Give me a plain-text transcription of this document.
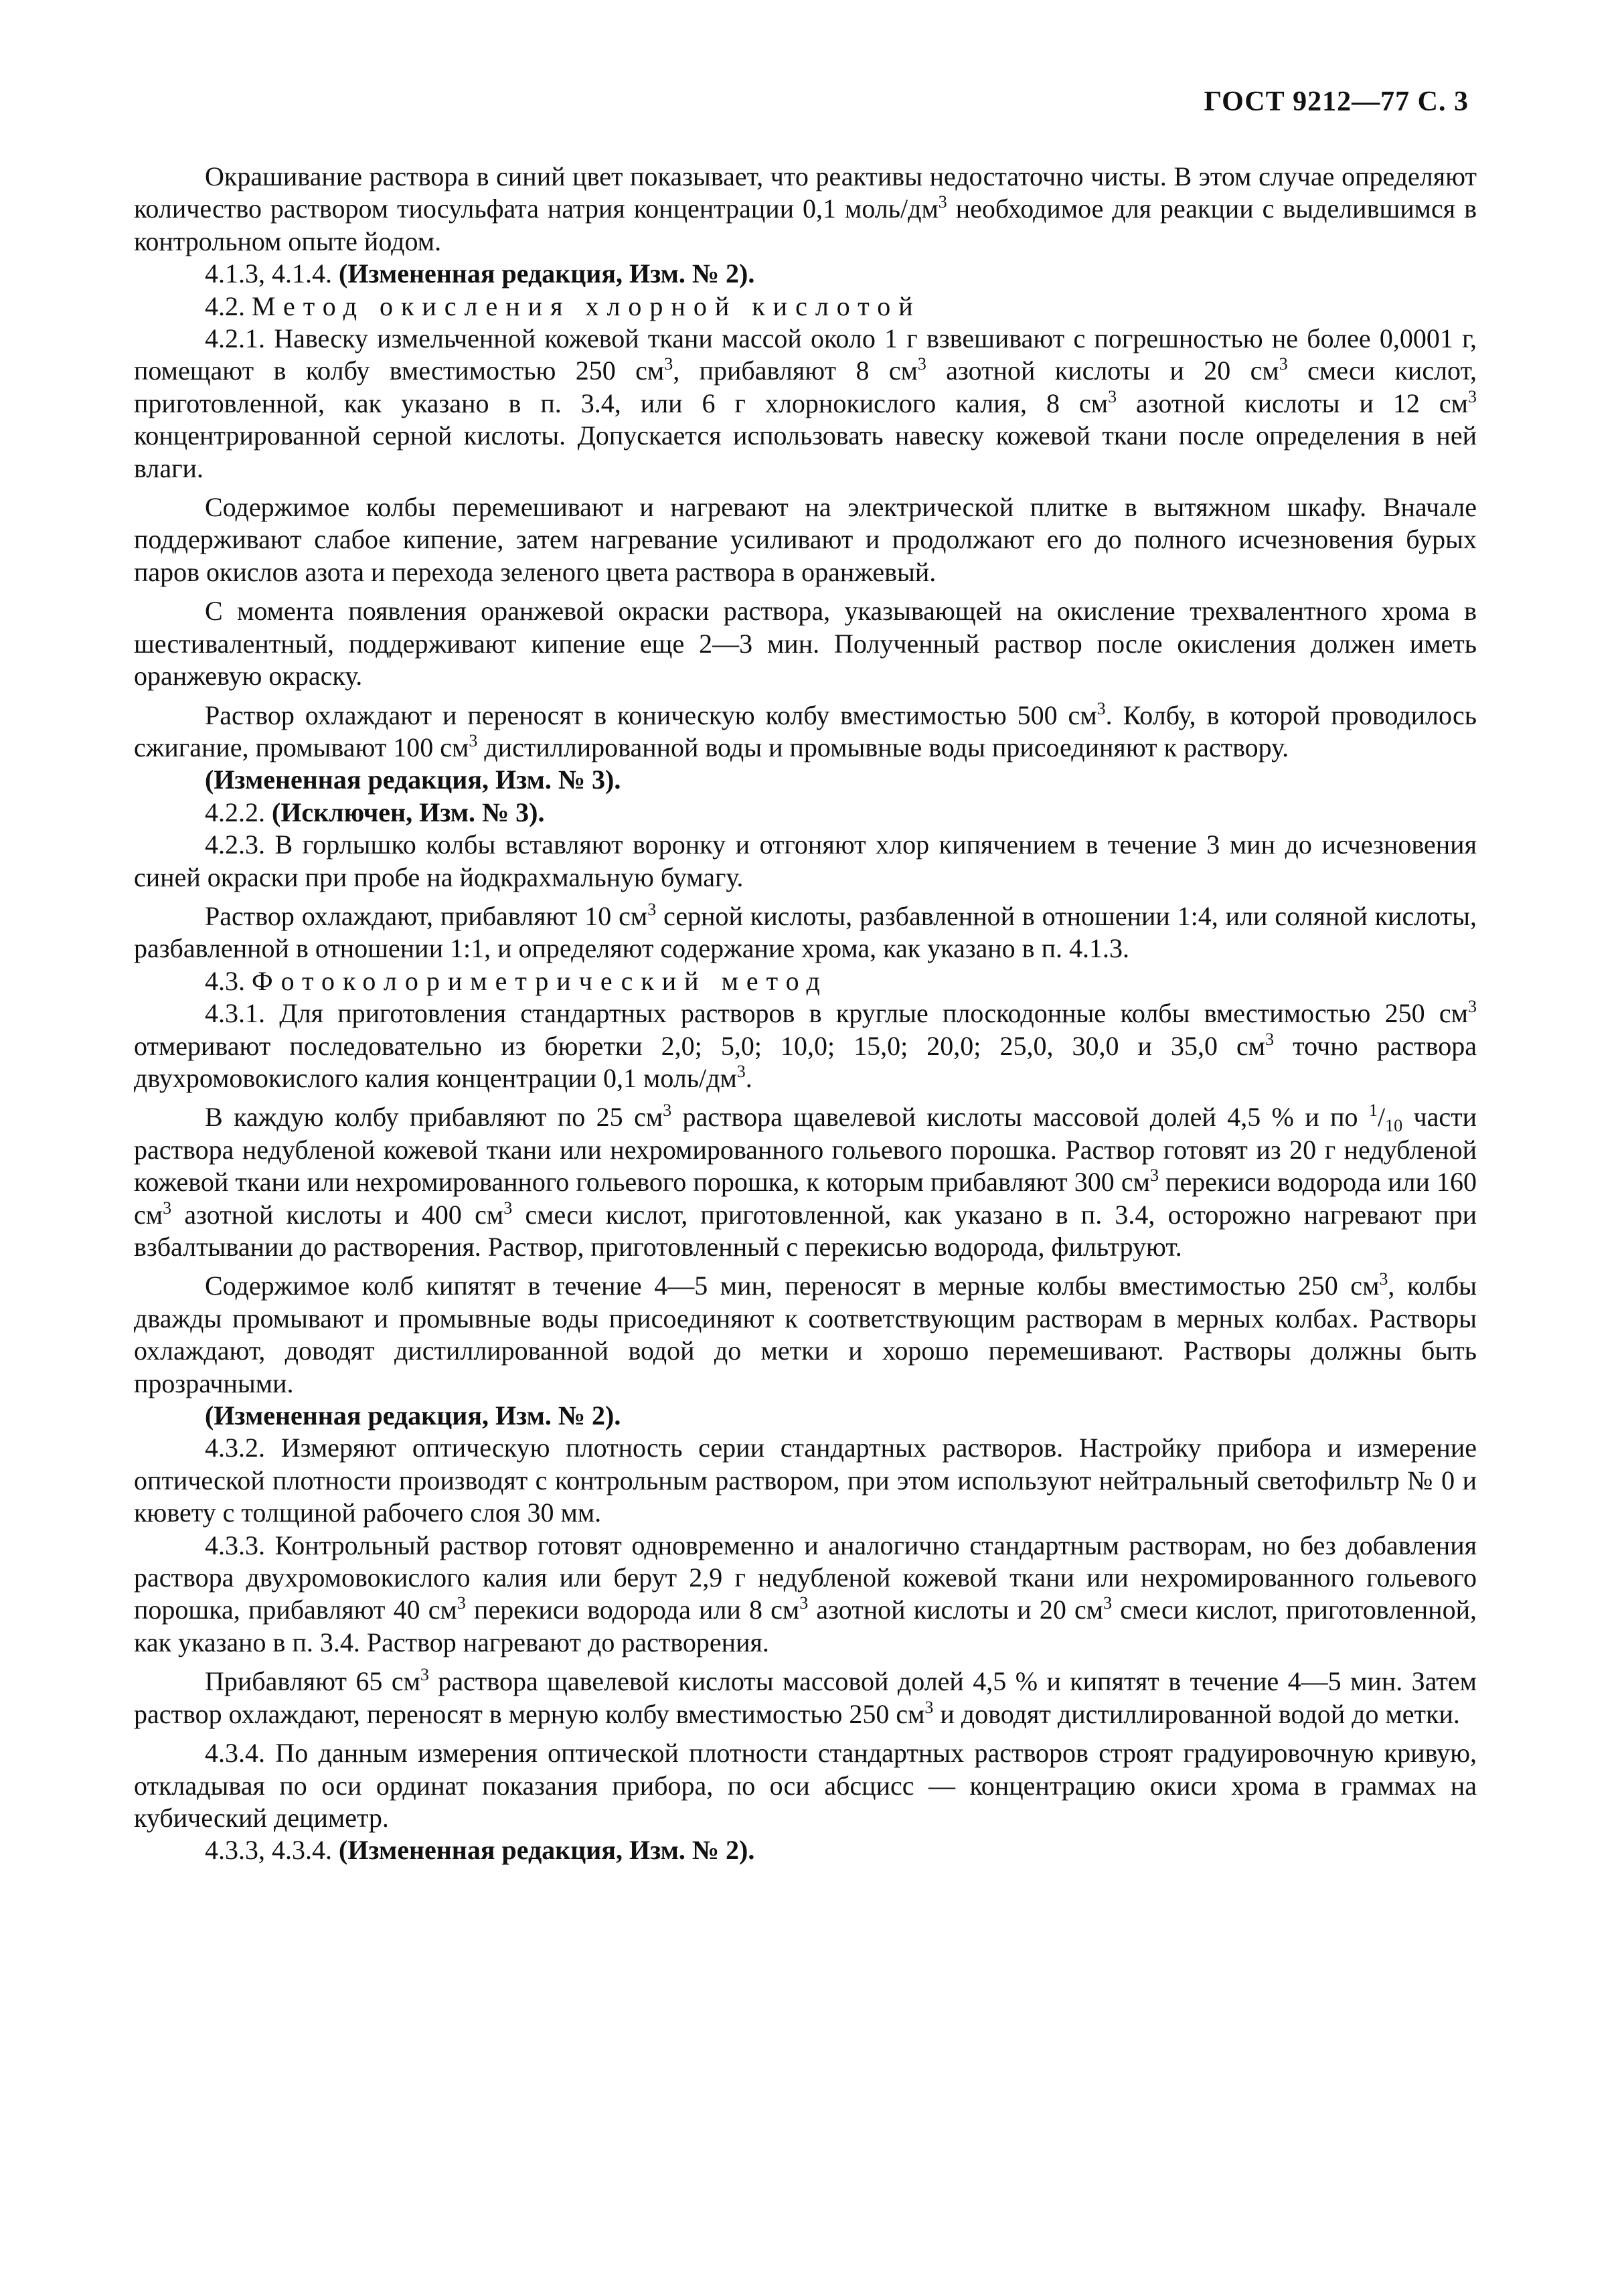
ГОСТ 9212—77 С. 3

Окрашивание раствора в синий цвет показывает, что реактивы недостаточно чисты. В этом случае определяют количество раствором тиосульфата натрия концентрации 0,1 моль/$дм^3$ необходимое для реакции с выделившимся в контрольном опыте йодом.

4.1.3, 4.1.4. (Измененная редакция, Изм. № 2).

4.2. Метод окисления хлорной кислотой

4.2.1. Навеску измельченной кожевой ткани массой около 1 г взвешивают с погрешностью не более 0,0001 г, помещают в колбу вместимостью 250 $см^3$, прибавляют 8 $см^3$ азотной кислоты и 20 $см^3$ смеси кислот, приготовленной, как указано в п. 3.4, или 6 г хлорнокислого калия, 8 $см^3$ азотной кислоты и 12 $см^3$ концентрированной серной кислоты. Допускается использовать навеску кожевой ткани после определения в ней влаги.

Содержимое колбы перемешивают и нагревают на электрической плитке в вытяжном шкафу. Вначале поддерживают слабое кипение, затем нагревание усиливают и продолжают его до полного исчезновения бурых паров окислов азота и перехода зеленого цвета раствора в оранжевый.

С момента появления оранжевой окраски раствора, указывающей на окисление трехвалентного хрома в шестивалентный, поддерживают кипение еще 2—3 мин. Полученный раствор после окисления должен иметь оранжевую окраску.

Раствор охлаждают и переносят в коническую колбу вместимостью 500 $см^3$. Колбу, в которой проводилось сжигание, промывают 100 $см^3$ дистиллированной воды и промывные воды присоединяют к раствору.

(Измененная редакция, Изм. № 3).

4.2.2. (Исключен, Изм. № 3).

4.2.3. В горлышко колбы вставляют воронку и отгоняют хлор кипячением в течение 3 мин до исчезновения синей окраски при пробе на йодкрахмальную бумагу.

Раствор охлаждают, прибавляют 10 $см^3$ серной кислоты, разбавленной в отношении 1:4, или соляной кислоты, разбавленной в отношении 1:1, и определяют содержание хрома, как указано в п. 4.1.3.

4.3. Фотоколориметрический метод

4.3.1. Для приготовления стандартных растворов в круглые плоскодонные колбы вместимостью 250 $см^3$ отмеривают последовательно из бюретки 2,0; 5,0; 10,0; 15,0; 20,0; 25,0, 30,0 и 35,0 $см^3$ точно раствора двухромовокислого калия концентрации 0,1 моль/$дм^3$.

В каждую колбу прибавляют по 25 $см^3$ раствора щавелевой кислоты массовой долей 4,5 % и по $^1/_{10}$ части раствора недубленой кожевой ткани или нехромированного гольевого порошка. Раствор готовят из 20 г недубленой кожевой ткани или нехромированного гольевого порошка, к которым прибавляют 300 $см^3$ перекиси водорода или 160 $см^3$ азотной кислоты и 400 $см^3$ смеси кислот, приготовленной, как указано в п. 3.4, осторожно нагревают при взбалтывании до растворения. Раствор, приготовленный с перекисью водорода, фильтруют.

Содержимое колб кипятят в течение 4—5 мин, переносят в мерные колбы вместимостью 250 $см^3$, колбы дважды промывают и промывные воды присоединяют к соответствующим растворам в мерных колбах. Растворы охлаждают, доводят дистиллированной водой до метки и хорошо перемешивают. Растворы должны быть прозрачными.

(Измененная редакция, Изм. № 2).

4.3.2. Измеряют оптическую плотность серии стандартных растворов. Настройку прибора и измерение оптической плотности производят с контрольным раствором, при этом используют нейтральный светофильтр № 0 и кювету с толщиной рабочего слоя 30 мм.

4.3.3. Контрольный раствор готовят одновременно и аналогично стандартным растворам, но без добавления раствора двухромовокислого калия или берут 2,9 г недубленой кожевой ткани или нехромированного гольевого порошка, прибавляют 40 $см^3$ перекиси водорода или 8 $см^3$ азотной кислоты и 20 $см^3$ смеси кислот, приготовленной, как указано в п. 3.4. Раствор нагревают до растворения.

Прибавляют 65 $см^3$ раствора щавелевой кислоты массовой долей 4,5 % и кипятят в течение 4—5 мин. Затем раствор охлаждают, переносят в мерную колбу вместимостью 250 $см^3$ и доводят дистиллированной водой до метки.

4.3.4. По данным измерения оптической плотности стандартных растворов строят градуировочную кривую, откладывая по оси ординат показания прибора, по оси абсцисс — концентрацию окиси хрома в граммах на кубический дециметр.

4.3.3, 4.3.4. (Измененная редакция, Изм. № 2).
